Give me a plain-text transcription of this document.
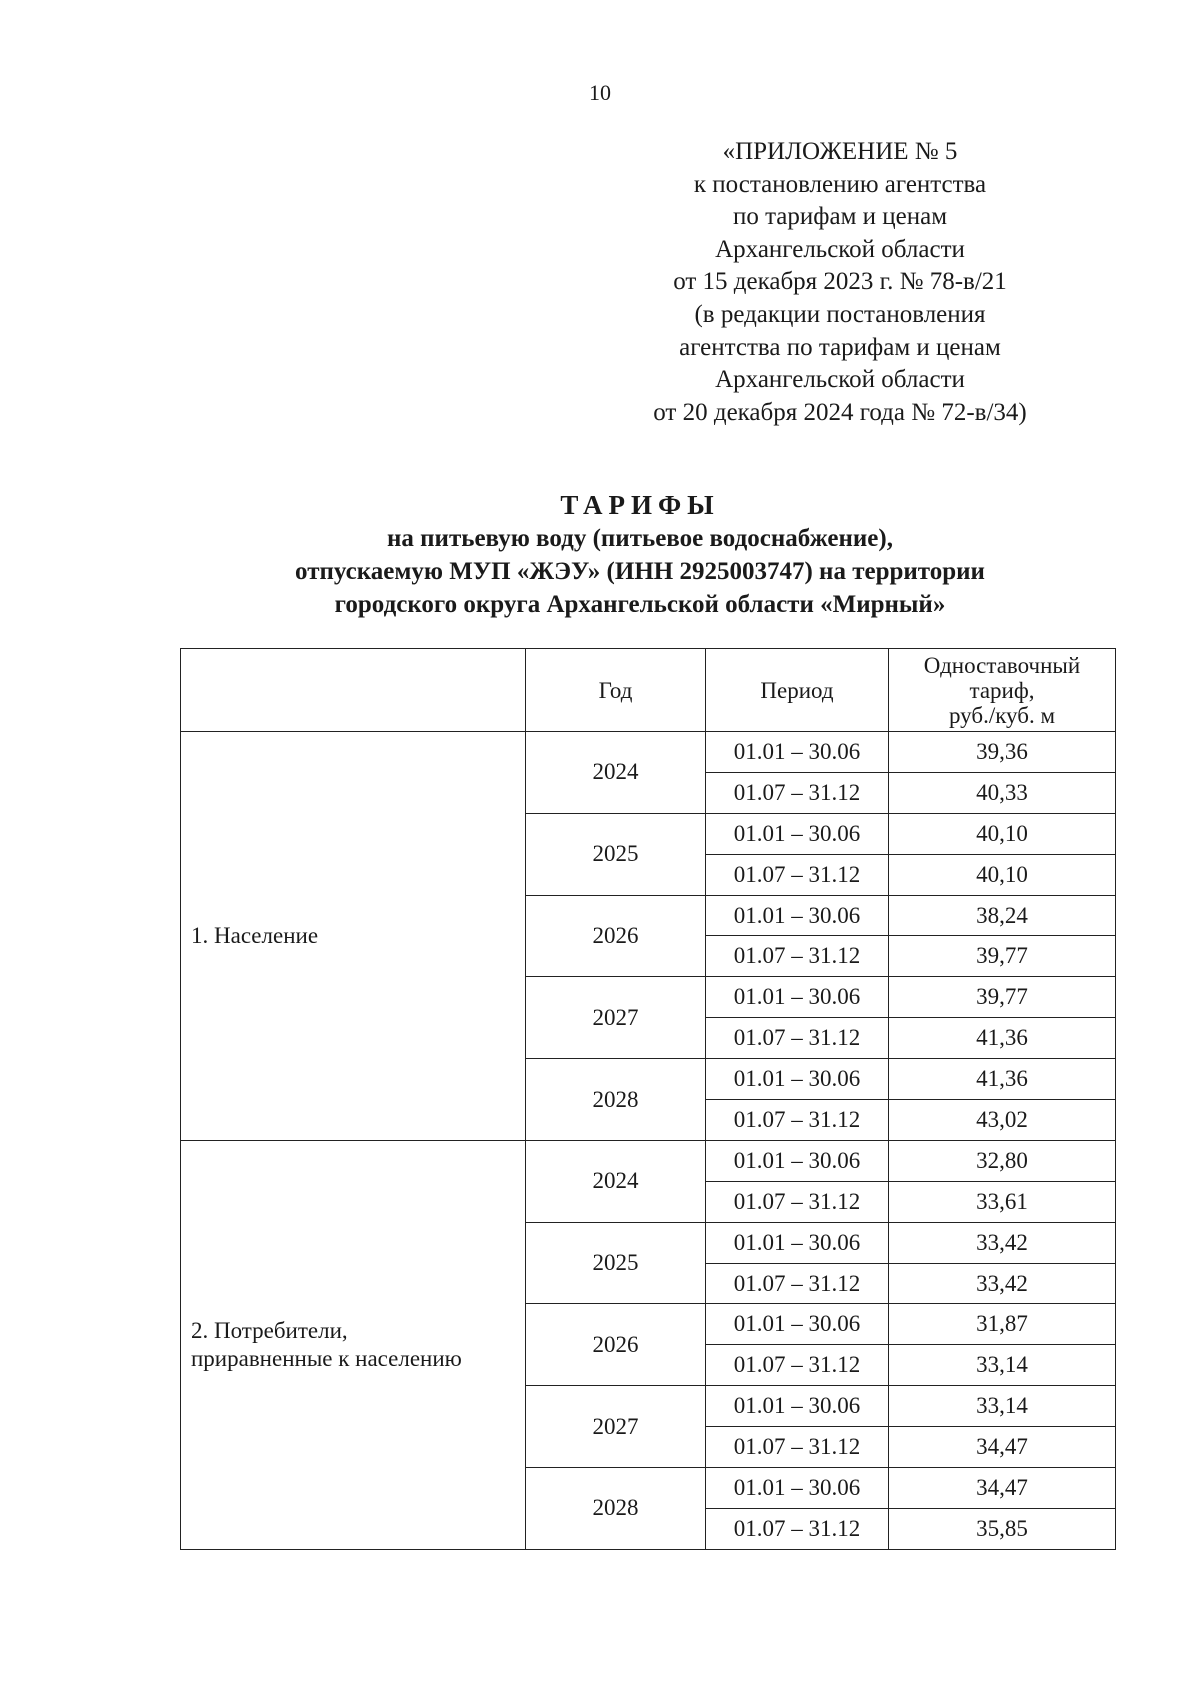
10
«ПРИЛОЖЕНИЕ № 5
к постановлению агентства
по тарифам и ценам
Архангельской области
от 15 декабря 2023 г. № 78-в/21
(в редакции постановления
агентства по тарифам и ценам
Архангельской области
от 20 декабря 2024 года № 72-в/34)
ТАРИФЫ
на питьевую воду (питьевое водоснабжение),
отпускаемую МУП «ЖЭУ» (ИНН 2925003747) на территории
городского округа Архангельской области «Мирный»
	Год	Период	Одноставочный
тариф,
руб./куб. м

1. Население	2024	01.01 – 30.06	39,36
		01.07 – 31.12	40,33
	2025	01.01 – 30.06	40,10
		01.07 – 31.12	40,10
	2026	01.01 – 30.06	38,24
		01.07 – 31.12	39,77
	2027	01.01 – 30.06	39,77
		01.07 – 31.12	41,36
	2028	01.01 – 30.06	41,36
		01.07 – 31.12	43,02

2. Потребители,
приравненные к населению	2024	01.01 – 30.06	32,80
		01.07 – 31.12	33,61
	2025	01.01 – 30.06	33,42
		01.07 – 31.12	33,42
	2026	01.01 – 30.06	31,87
		01.07 – 31.12	33,14
	2027	01.01 – 30.06	33,14
		01.07 – 31.12	34,47
	2028	01.01 – 30.06	34,47
		01.07 – 31.12	35,85
